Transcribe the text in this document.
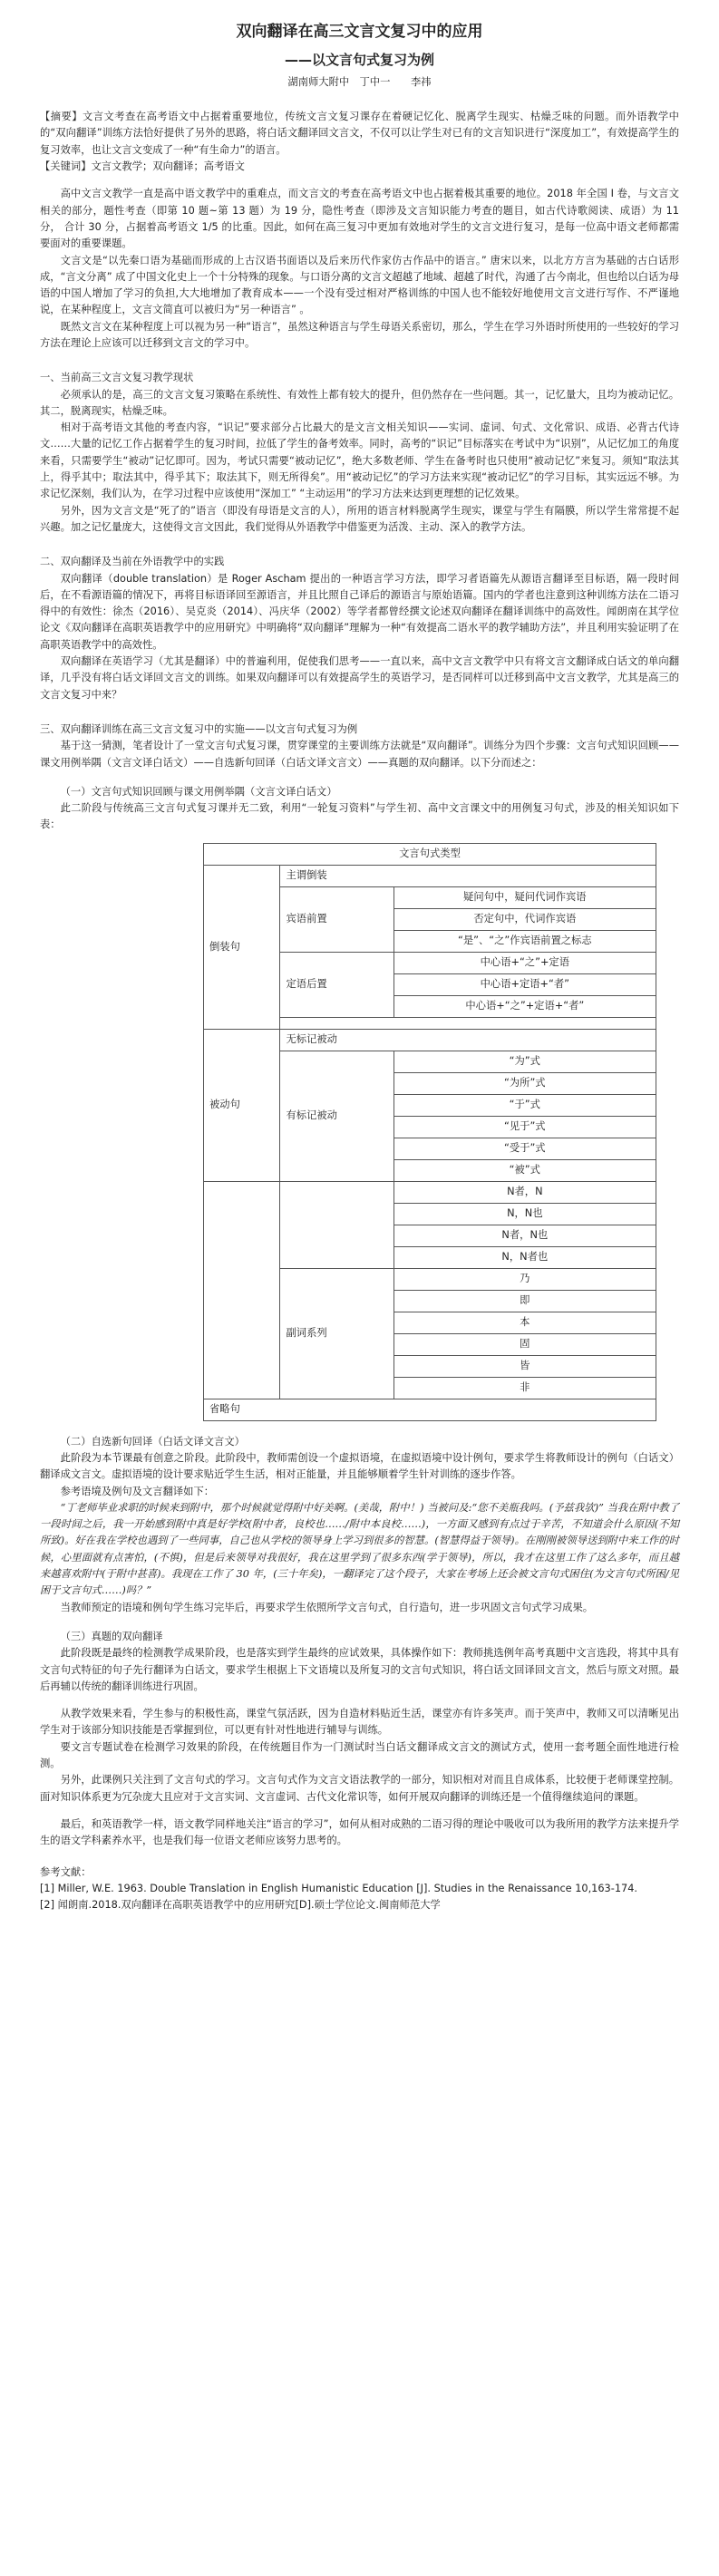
双向翻译在高三文言文复习中的应用
——以文言句式复习为例
湖南师大附中　丁中一　　李祎

【摘要】文言文考查在高考语文中占据着重要地位，传统文言文复习课存在着硬记忆化、脱离学生现实、枯燥乏味的问题。而外语教学中的“双向翻译”训练方法恰好提供了另外的思路，将白话文翻译回文言文，不仅可以让学生对已有的文言知识进行“深度加工”，有效提高学生的复习效率，也让文言文变成了一种“有生命力”的语言。

【关键词】文言文教学；双向翻译；高考语文

高中文言文教学一直是高中语文教学中的重难点，而文言文的考查在高考语文中也占据着极其重要的地位。2018 年全国 I 卷，与文言文相关的部分，题性考查（即第 10 题~第 13 题）为 19 分，隐性考查（即涉及文言知识能力考查的题目，如古代诗歌阅读、成语）为 11 分， 合计 30 分，占据着高考语文 1/5 的比重。因此，如何在高三复习中更加有效地对学生的文言文进行复习，是每一位高中语文老师都需要面对的重要课题。

文言文是“以先秦口语为基础而形成的上古汉语书面语以及后来历代作家仿古作品中的语言。” 唐宋以来，以北方方言为基础的古白话形成，“言文分离” 成了中国文化史上一个十分特殊的现象。与口语分离的文言文超越了地域、超越了时代，沟通了古今南北，但也给以白话为母语的中国人增加了学习的负担,大大地增加了教育成本——一个没有受过相对严格训练的中国人也不能较好地使用文言文进行写作、不严谨地说，在某种程度上，文言文简直可以被归为“另一种语言” 。

既然文言文在某种程度上可以视为另一种“语言”，虽然这种语言与学生母语关系密切，那么，学生在学习外语时所使用的一些较好的学习方法在理论上应该可以迁移到文言文的学习中。

一、当前高三文言文复习教学现状

必须承认的是，高三的文言文复习策略在系统性、有效性上都有较大的提升，但仍然存在一些问题。其一，记忆量大，且均为被动记忆。其二，脱离现实，枯燥乏味。

相对于高考语文其他的考查内容，“识记”要求部分占比最大的是文言文相关知识——实词、虚词、句式、文化常识、成语、必背古代诗文……大量的记忆工作占据着学生的复习时间，拉低了学生的备考效率。同时，高考的“识记”目标落实在考试中为“识别”，从记忆加工的角度来看，只需要学生“被动”记忆即可。因为，考试只需要“被动记忆”，绝大多数老师、学生在备考时也只使用“被动记忆”来复习。须知“取法其上，得乎其中；取法其中，得乎其下；取法其下，则无所得矣”。用“被动记忆”的学习方法来实现“被动记忆”的学习目标，其实远远不够。为求记忆深刻，我们认为，在学习过程中应该使用“深加工” “主动运用”的学习方法来达到更理想的记忆效果。

另外，因为文言文是“死了的”语言（即没有母语是文言的人），所用的语言材料脱离学生现实，课堂与学生有隔膜，所以学生常常提不起兴趣。加之记忆量庞大，这使得文言文因此，我们觉得从外语教学中借鉴更为活泼、主动、深入的教学方法。

二、双向翻译及当前在外语教学中的实践

双向翻译（double translation）是 Roger Ascham 提出的一种语言学习方法，即学习者语篇先从源语言翻译至目标语，隔一段时间后，在不看源语篇的情况下，再将目标语译回至源语言，并且比照自己译后的源语言与原始语篇。国内的学者也注意到这种训练方法在二语习得中的有效性：徐杰（2016）、吴克炎（2014）、冯庆华（2002）等学者都曾经撰文论述双向翻译在翻译训练中的高效性。闻朗南在其学位论文《双向翻译在高职英语教学中的应用研究》中明确将“双向翻译”理解为一种“有效提高二语水平的教学辅助方法”，并且利用实验证明了在高职英语教学中的高效性。

双向翻译在英语学习（尤其是翻译）中的普遍利用，促使我们思考——一直以来，高中文言文教学中只有将文言文翻译成白话文的单向翻译，几乎没有将白话文译回文言文的训练。如果双向翻译可以有效提高学生的英语学习，是否同样可以迁移到高中文言文教学，尤其是高三的文言文复习中来？

三、双向翻译训练在高三文言文复习中的实施——以文言句式复习为例

基于这一猜测，笔者设计了一堂文言句式复习课，贯穿课堂的主要训练方法就是“双向翻译”。训练分为四个步骤：文言句式知识回顾——课文用例举隅（文言文译白话文）——自选新句回译（白话文译文言文）——真题的双向翻译。以下分而述之：

（一）文言句式知识回顾与课文用例举隅（文言文译白话文）

此二阶段与传统高三文言句式复习课并无二致，利用“一轮复习资料”与学生初、高中文言课文中的用例复习句式，涉及的相关知识如下表：

文言句式类型		
倒装句	主谓倒装	
	宾语前置	疑问句中，疑问代词作宾语
		否定句中，代词作宾语
		“是”、“之”作宾语前置之标志
	定语后置	中心语+“之”+定语
		中心语+定语+“者”
		中心语+“之”+定语+“者”

被动句	无标记被动	
	有标记被动	“为”式
		“为所”式
		“于”式
		“见于”式
		“受于”式
		“被”式
		N者，N
		N，N也
		N者，N也
		N，N者也
	副词系列	乃
		即
		本
		固
		皆
		非
省略句		

（二）自选新句回译（白话文译文言文）

此阶段为本节课最有创意之阶段。此阶段中，教师需创设一个虚拟语境，在虚拟语境中设计例句，要求学生将教师设计的例句（白话文）翻译成文言文。虚拟语境的设计要求贴近学生生活，相对正能量，并且能够顺着学生针对训练的逐步作答。

参考语境及例句及文言翻译如下：

“丁老师毕业求职的时候来到附中，那个时候就觉得附中好美啊。(美哉，附中！) 当被问及:“您不美瓶我吗。(予兹我欤)” 当我在附中教了一段时间之后，我一开始感到附中真是好学校(附中者，良校也……/附中本良校……)，一方面又感到有点过于辛苦，不知道会什么原因(不知所致)。好在我在学校也遇到了一些同事，自己也从学校的领导身上学习到很多的智慧。(智慧得益于领导)。在刚刚被领导送到附中来工作的时候，心里面就有点害怕，(不惧)，但是后来领导对我很好，我在这里学到了很多东西(学于领导)，所以，我才在这里工作了这么多年，而且越来越喜欢附中(于附中甚喜)。我现在工作了 30 年，(三十年矣)，一翻译完了这个段子，大家在考场上还会被文言句式困住(为文言句式所困/见困于文言句式……)吗？”

当教师预定的语境和例句学生练习完毕后，再要求学生依照所学文言句式，自行造句，进一步巩固文言句式学习成果。

（三）真题的双向翻译

此阶段既是最终的检测教学成果阶段，也是落实到学生最终的应试效果，具体操作如下：教师挑选例年高考真题中文言选段，将其中具有文言句式特征的句子先行翻译为白话文，要求学生根据上下文语境以及所复习的文言句式知识，将白话文回译回文言文，然后与原文对照。最后再辅以传统的翻译训练进行巩固。

从教学效果来看，学生参与的积极性高，课堂气氛活跃，因为自造材料贴近生活，课堂亦有许多笑声。而于笑声中，教师又可以清晰见出学生对于该部分知识技能是否掌握到位，可以更有针对性地进行辅导与训练。

要文言专题试卷在检测学习效果的阶段，在传统题目作为一门测试时当白话文翻译成文言文的测试方式，使用一套考题全面性地进行检测。

另外，此课例只关注到了文言句式的学习。文言句式作为文言文语法教学的一部分，知识相对对而且自成体系，比较便于老师课堂控制。面对知识体系更为冗杂庞大且应对于文言实词、文言虚词、古代文化常识等，如何开展双向翻译的训练还是一个值得继续追问的课题。

最后，和英语教学一样，语文教学同样地关注“语言的学习”，如何从相对成熟的二语习得的理论中吸收可以为我所用的教学方法来提升学生的语文学科素养水平，也是我们每一位语文老师应该努力思考的。

参考文献：
[1] Miller, W.E. 1963. Double Translation in English Humanistic Education [J]. Studies in the Renaissance 10,163-174.
[2] 闻朗南.2018.双向翻译在高职英语教学中的应用研究[D].硕士学位论文.闽南师范大学
